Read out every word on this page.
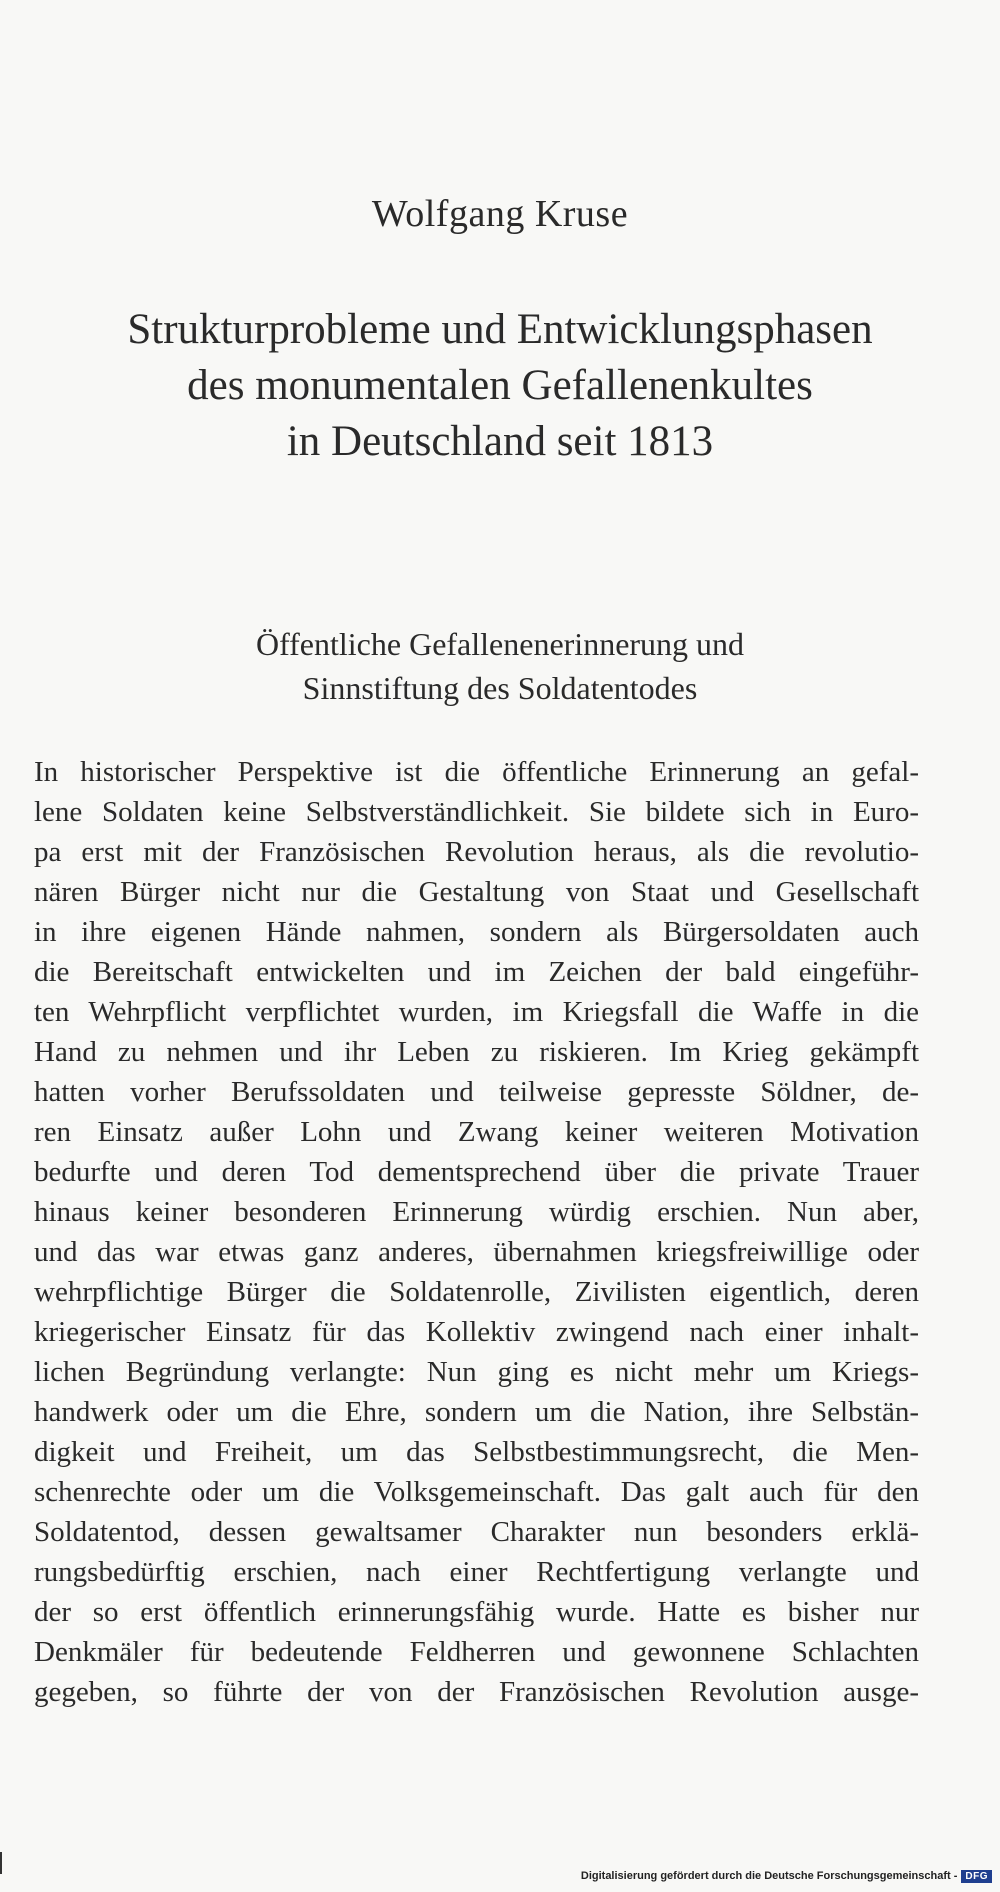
Wolfgang Kruse
Strukturprobleme und Entwicklungsphasen
des monumentalen Gefallenenkultes
in Deutschland seit 1813
Öffentliche Gefallenenerinnerung und
Sinnstiftung des Soldatentodes
In historischer Perspektive ist die öffentliche Erinnerung an gefal-
lene Soldaten keine Selbstverständlichkeit. Sie bildete sich in Euro-
pa erst mit der Französischen Revolution heraus, als die revolutio-
nären Bürger nicht nur die Gestaltung von Staat und Gesellschaft
in ihre eigenen Hände nahmen, sondern als Bürgersoldaten auch
die Bereitschaft entwickelten und im Zeichen der bald eingeführ-
ten Wehrpflicht verpflichtet wurden, im Kriegsfall die Waffe in die
Hand zu nehmen und ihr Leben zu riskieren. Im Krieg gekämpft
hatten vorher Berufssoldaten und teilweise gepresste Söldner, de-
ren Einsatz außer Lohn und Zwang keiner weiteren Motivation
bedurfte und deren Tod dementsprechend über die private Trauer
hinaus keiner besonderen Erinnerung würdig erschien. Nun aber,
und das war etwas ganz anderes, übernahmen kriegsfreiwillige oder
wehrpflichtige Bürger die Soldatenrolle, Zivilisten eigentlich, deren
kriegerischer Einsatz für das Kollektiv zwingend nach einer inhalt-
lichen Begründung verlangte: Nun ging es nicht mehr um Kriegs-
handwerk oder um die Ehre, sondern um die Nation, ihre Selbstän-
digkeit und Freiheit, um das Selbstbestimmungsrecht, die Men-
schenrechte oder um die Volksgemeinschaft. Das galt auch für den
Soldatentod, dessen gewaltsamer Charakter nun besonders erklä-
rungsbedürftig erschien, nach einer Rechtfertigung verlangte und
der so erst öffentlich erinnerungsfähig wurde. Hatte es bisher nur
Denkmäler für bedeutende Feldherren und gewonnene Schlachten
gegeben, so führte der von der Französischen Revolution ausge-
Digitalisierung gefördert durch die Deutsche Forschungsgemeinschaft - DFG
